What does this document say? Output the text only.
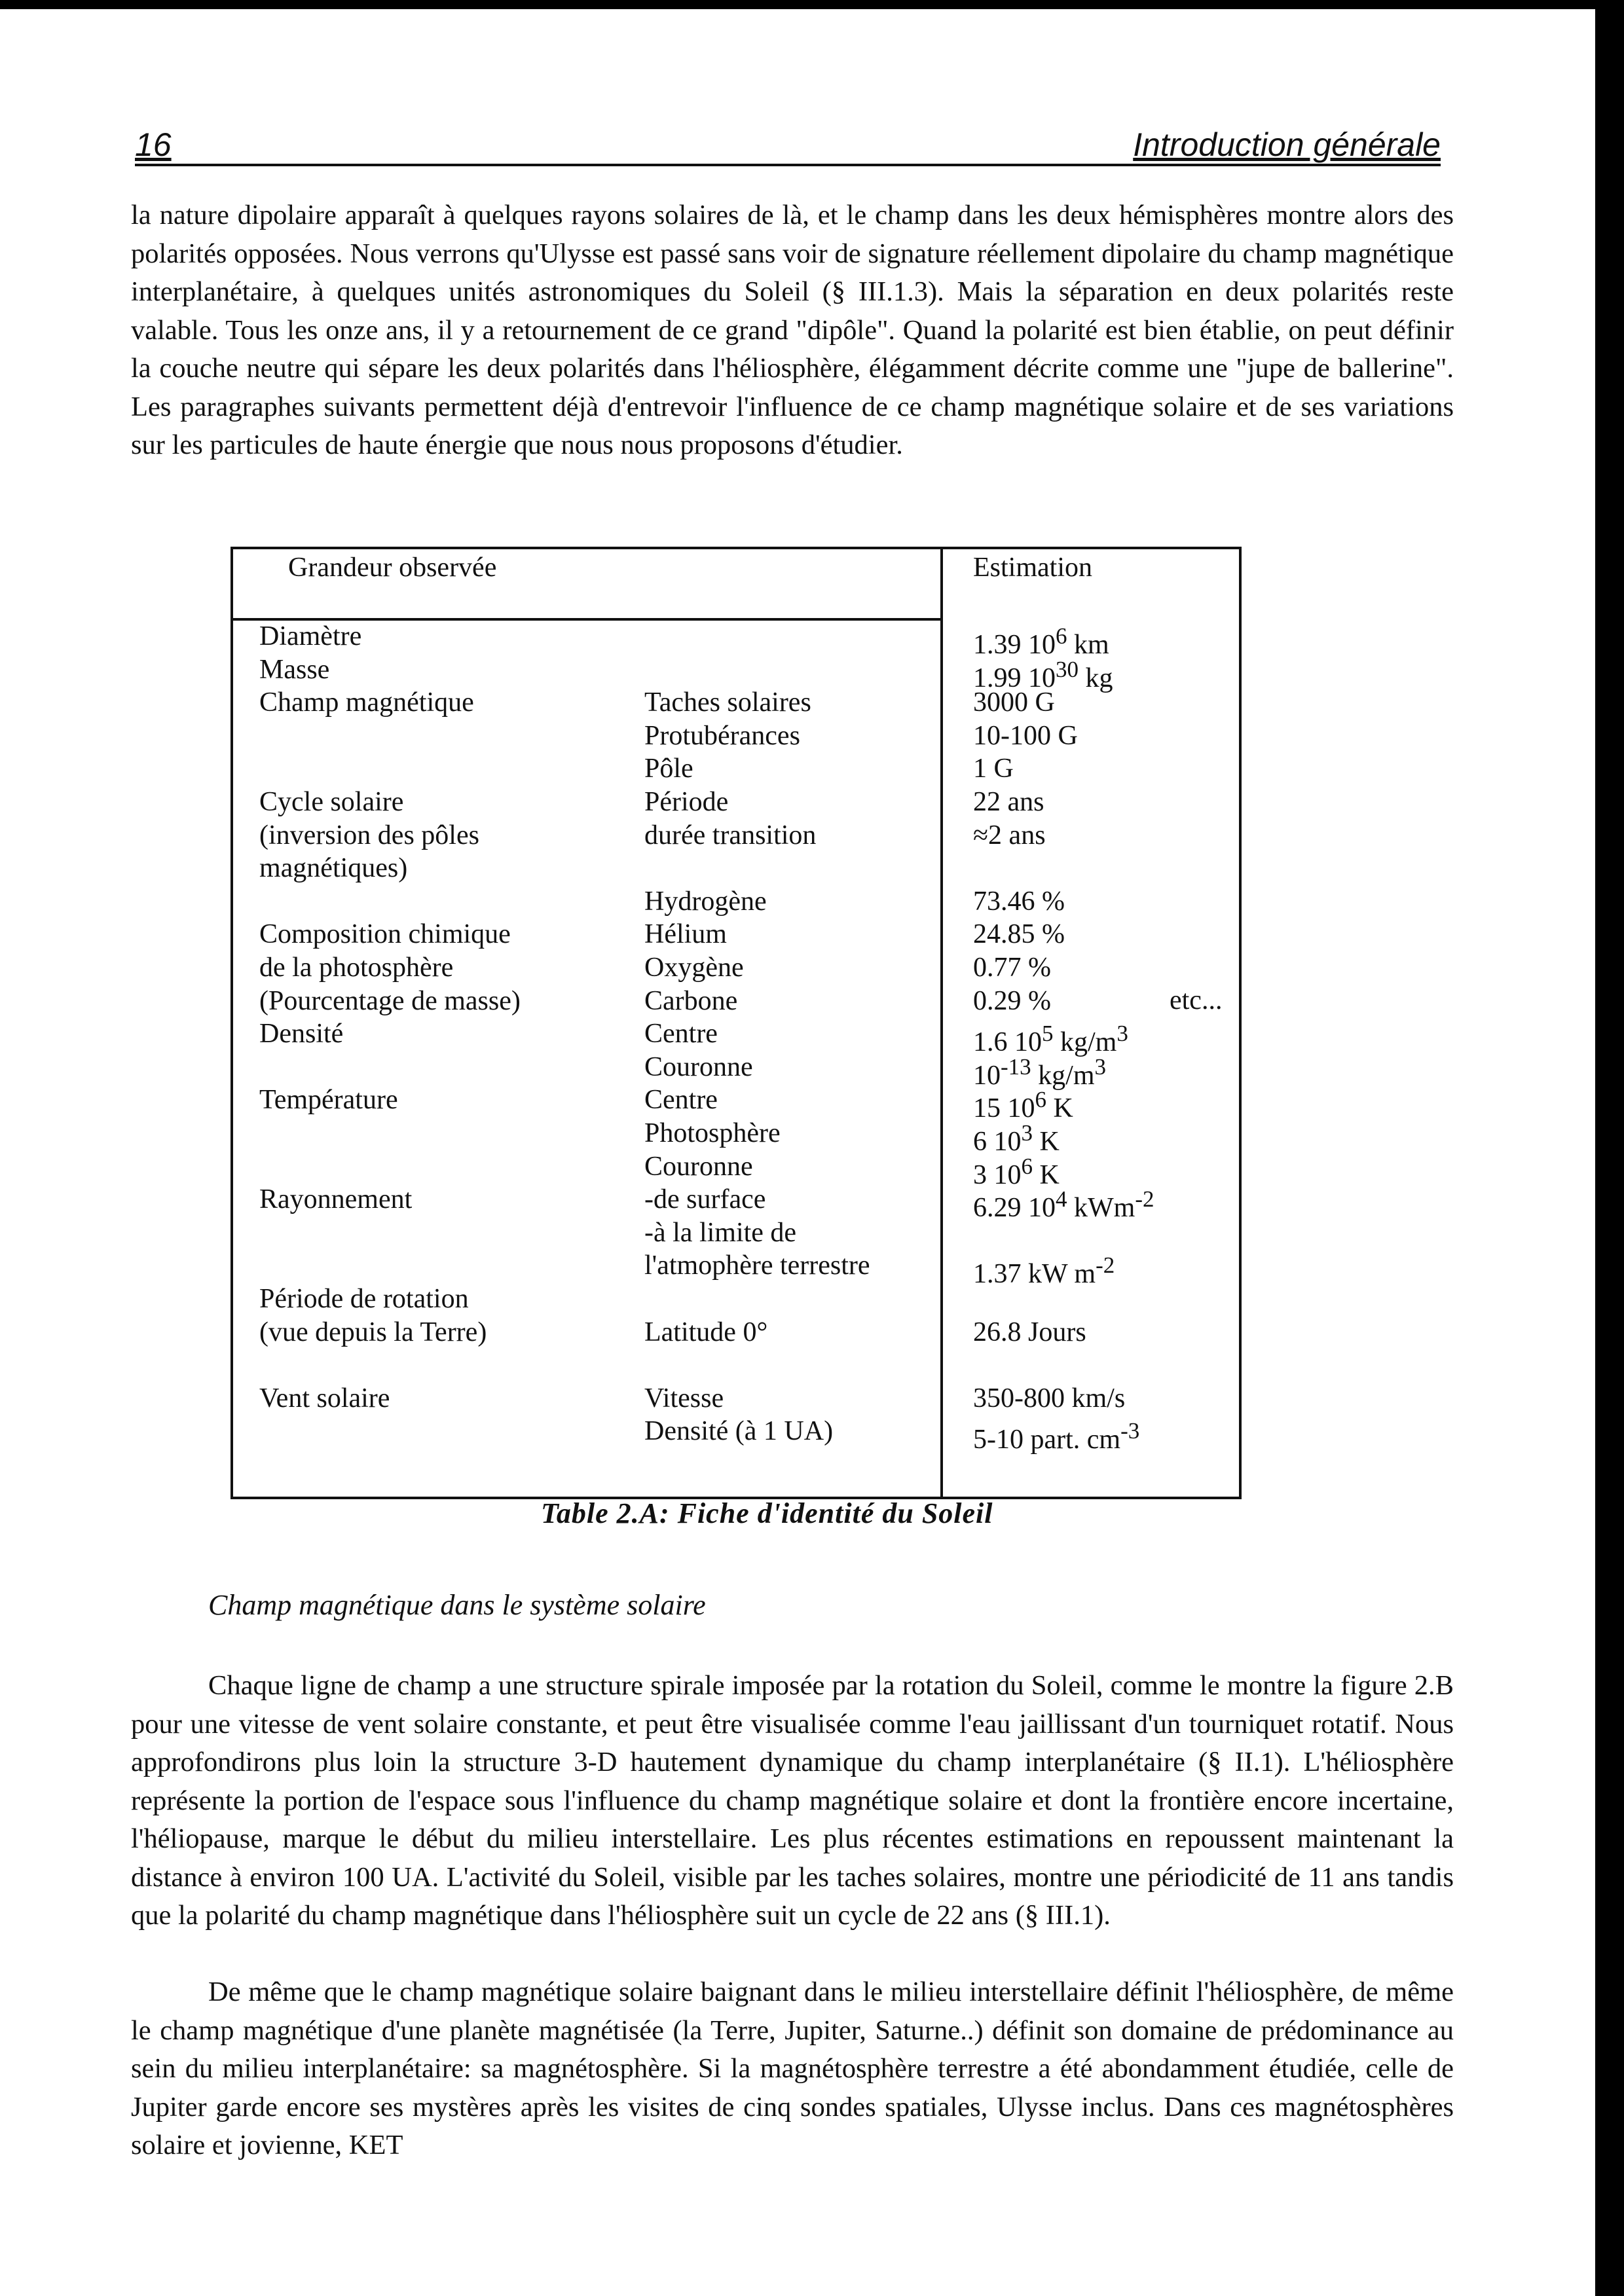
16	Introduction générale

la nature dipolaire apparaît à quelques rayons solaires de là, et le champ dans les deux hémisphères montre alors des polarités opposées. Nous verrons qu'Ulysse est passé sans voir de signature réellement dipolaire du champ magnétique interplanétaire, à quelques unités astronomiques du Soleil (§ III.1.3). Mais la séparation en deux polarités reste valable. Tous les onze ans, il y a retournement de ce grand "dipôle". Quand la polarité est bien établie, on peut définir la couche neutre qui sépare les deux polarités dans l'héliosphère, élégamment décrite comme une "jupe de ballerine". Les paragraphes suivants permettent déjà d'entrevoir l'influence de ce champ magnétique solaire et de ses variations sur les particules de haute énergie que nous nous proposons d'étudier.

Grandeur observée	Estimation
Diamètre
Masse
Champ magnétique
Cycle solaire
(inversion des pôles
magnétiques)
Composition chimique
de la photosphère
(Pourcentage de masse)
Densité
Température
Rayonnement
Période de rotation
(vue depuis la Terre)
Vent solaire
Taches solaires
Protubérances
Pôle
Période
durée transition
Hydrogène
Hélium
Oxygène
Carbone
Centre
Couronne
Centre
Photosphère
Couronne
-de surface
-à la limite de
l'atmophère terrestre
Latitude 0°
Vitesse
Densité (à 1 UA)
1.39 $10^6$ km
1.99 $10^{30}$ kg
3000 G
10-100 G
1 G
22 ans
≈2 ans
73.46 %
24.85 %
0.77 %
0.29 %
1.6 $10^5$ $kg/m^3$
$10^{-13}$ $kg/m^3$
15 $10^6$ K
6 $10^3$ K
3 $10^6$ K
6.29 $10^4$ kWm$^{-2}$
1.37 kW $m^{-2}$
26.8 Jours
350-800 km/s
5-10 part. $cm^{-3}$
etc...
Table 2.A: Fiche d'identité du Soleil
Champ magnétique dans le système solaire

Chaque ligne de champ a une structure spirale imposée par la rotation du Soleil, comme le montre la figure 2.B pour une vitesse de vent solaire constante, et peut être visualisée comme l'eau jaillissant d'un tourniquet rotatif. Nous approfondirons plus loin la structure 3-D hautement dynamique du champ interplanétaire (§ II.1). L'héliosphère représente la portion de l'espace sous l'influence du champ magnétique solaire et dont la frontière encore incertaine, l'héliopause, marque le début du milieu interstellaire. Les plus récentes estimations en repoussent maintenant la distance à environ 100 UA. L'activité du Soleil, visible par les taches solaires, montre une périodicité de 11 ans tandis que la polarité du champ magnétique dans l'héliosphère suit un cycle de 22 ans (§ III.1).

De même que le champ magnétique solaire baignant dans le milieu interstellaire définit l'héliosphère, de même le champ magnétique d'une planète magnétisée (la Terre, Jupiter, Saturne..) définit son domaine de prédominance au sein du milieu interplanétaire: sa magnétosphère. Si la magnétosphère terrestre a été abondamment étudiée, celle de Jupiter garde encore ses mystères après les visites de cinq sondes spatiales, Ulysse inclus. Dans ces magnétosphères solaire et jovienne, KET
